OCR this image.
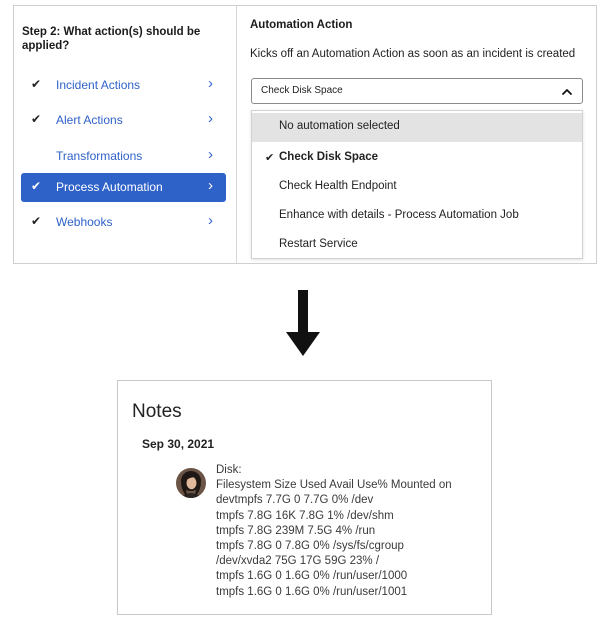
Step 2: What action(s) should be applied?
✔	Incident Actions	›
✔	Alert Actions	›
Transformations	›
✔	Process Automation	›
✔	Webhooks	›
Automation Action
Kicks off an Automation Action as soon as an incident is created
Check Disk Space
No automation selected
✔ Check Disk Space
Check Health Endpoint
Enhance with details - Process Automation Job
Restart Service
Notes
Sep 30, 2021
Disk:
Filesystem Size Used Avail Use% Mounted on
devtmpfs 7.7G 0 7.7G 0% /dev
tmpfs 7.8G 16K 7.8G 1% /dev/shm
tmpfs 7.8G 239M 7.5G 4% /run
tmpfs 7.8G 0 7.8G 0% /sys/fs/cgroup
/dev/xvda2 75G 17G 59G 23% /
tmpfs 1.6G 0 1.6G 0% /run/user/1000
tmpfs 1.6G 0 1.6G 0% /run/user/1001
